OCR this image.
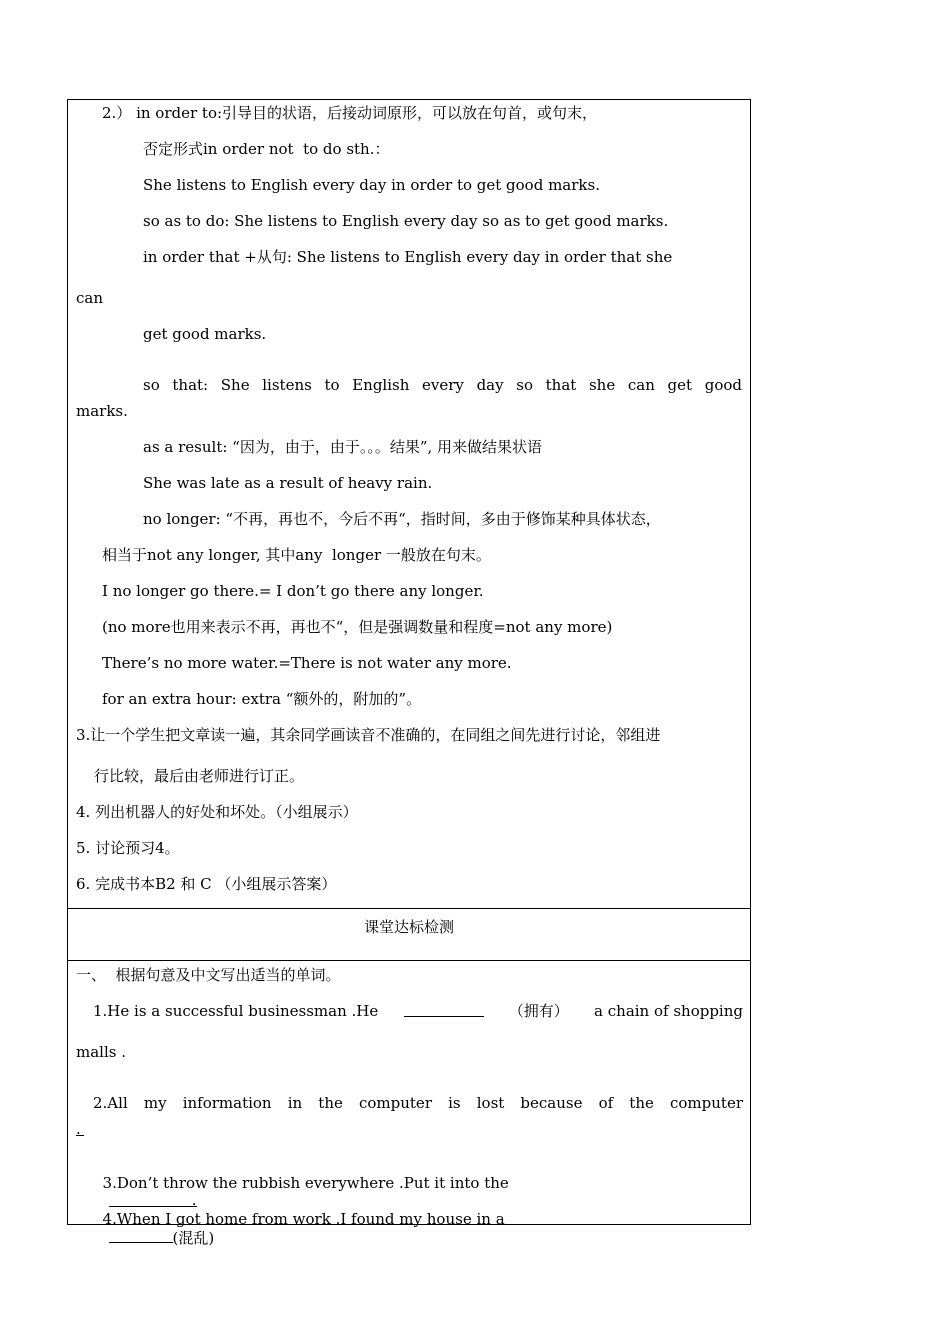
2.） in order to:引导目的状语，后接动词原形，可以放在句首，或句末，

否定形式in order not  to do sth.：

She listens to English every day in order to get good marks.

so as to do: She listens to English every day so as to get good marks.

in order that +从句: She listens to English every day in order that she

can

get good marks.

so that: She listens to English every day so that she can get good

marks.

as a result: “因为，由于，由于。。。结果”, 用来做结果状语

She was late as a result of heavy rain.

no longer: “不再，再也不，今后不再“，指时间，多由于修饰某种具体状态，

相当于not any longer, 其中any  longer 一般放在句末。

I no longer go there.= I don’t go there any longer.

(no more也用来表示不再，再也不“，但是强调数量和程度=not any more)

There’s no more water.=There is not water any more.

for an extra hour: extra “额外的，附加的”。

3.让一个学生把文章读一遍，其余同学画读音不准确的，在同组之间先进行讨论，邻组进

行比较，最后由老师进行订正。

4. 列出机器人的好处和坏处。（小组展示）

5. 讨论预习4。

6. 完成书本B2 和 C （小组展示答案）

课堂达标检测

一、  根据句意及中文写出适当的单词。

1.He is a successful businessman .He	（拥有） a chain of shopping

malls .

2.All my information in the computer is lost because of the computer

.

3.Don’t throw the rubbish everywhere .Put it into the

.

4.When I got home from work .I found my house in a
(混乱)
